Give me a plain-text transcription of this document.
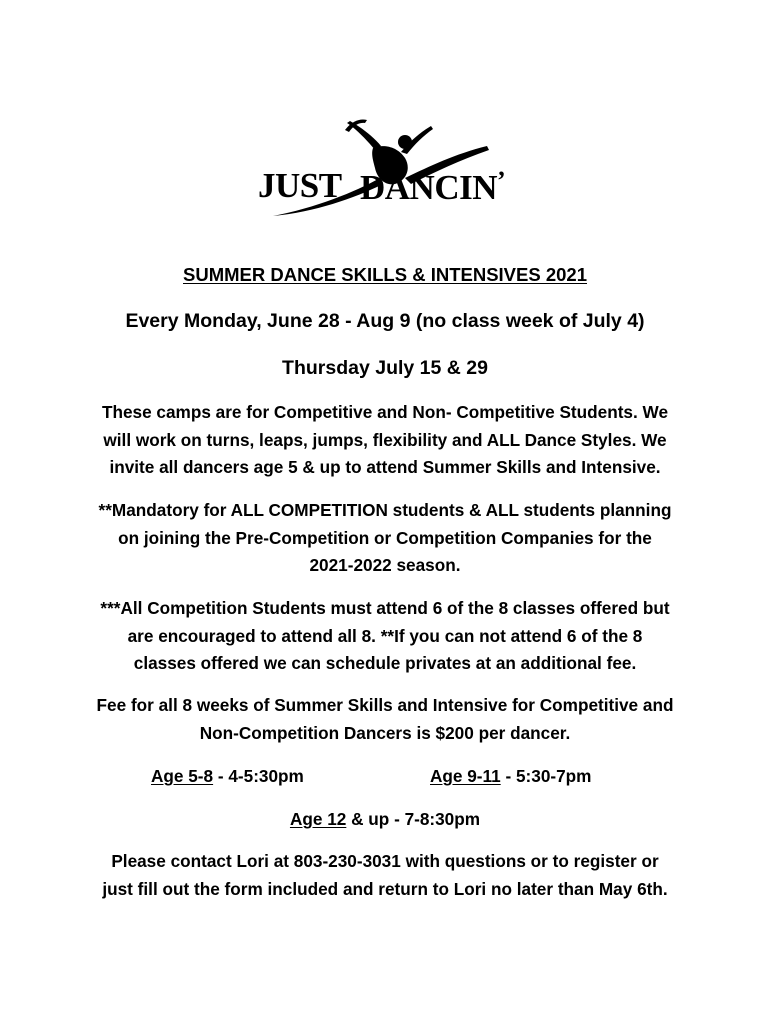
JUST DANCIN’
SUMMER DANCE SKILLS & INTENSIVES 2021
Every Monday, June 28 - Aug 9 (no class week of July 4)
Thursday July 15 & 29
These camps are for Competitive and Non- Competitive Students. We
will work on turns, leaps, jumps, flexibility and ALL Dance Styles. We
invite all dancers age 5 & up to attend Summer Skills and Intensive.
**Mandatory for ALL COMPETITION students & ALL students planning
on joining the Pre-Competition or Competition Companies for the
2021-2022 season.
***All Competition Students must attend 6 of the 8 classes offered but
are encouraged to attend all 8. **If you can not attend 6 of the 8
classes offered we can schedule privates at an additional fee.
Fee for all 8 weeks of Summer Skills and Intensive for Competitive and
Non-Competition Dancers is $200 per dancer.
Age 5-8 - 4-5:30pm	Age 9-11 - 5:30-7pm
Age 12 & up - 7-8:30pm
Please contact Lori at 803-230-3031 with questions or to register or
just fill out the form included and return to Lori no later than May 6th.
